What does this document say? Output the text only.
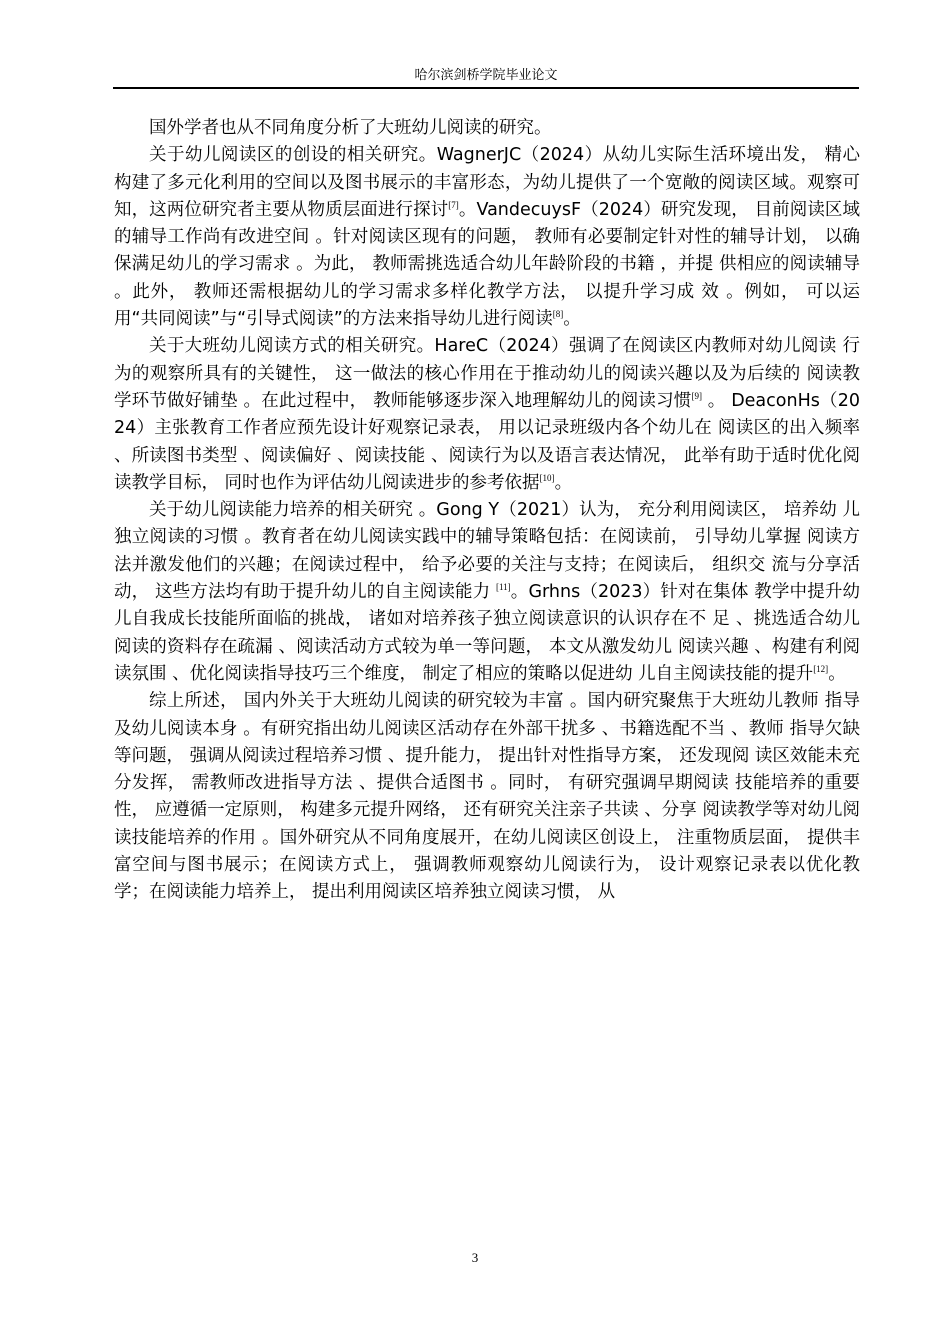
哈尔滨剑桥学院毕业论文

国外学者也从不同角度分析了大班幼儿阅读的研究。

关于幼儿阅读区的创设的相关研究。WagnerJC（2024）从幼儿实际生活环境出发， 精心构建了多元化利用的空间以及图书展示的丰富形态，为幼儿提供了一个宽敞的阅读区域。观察可知，这两位研究者主要从物质层面进行探讨[7]。VandecuysF（2024）研究发现， 目前阅读区域的辅导工作尚有改进空间 。针对阅读区现有的问题， 教师有必要制定针对性的辅导计划， 以确保满足幼儿的学习需求 。为此， 教师需挑选适合幼儿年龄阶段的书籍 ，并提 供相应的阅读辅导 。此外， 教师还需根据幼儿的学习需求多样化教学方法， 以提升学习成 效 。例如， 可以运用“共同阅读”与“引导式阅读”的方法来指导幼儿进行阅读[8]。

关于大班幼儿阅读方式的相关研究。HareC（2024）强调了在阅读区内教师对幼儿阅读 行为的观察所具有的关键性， 这一做法的核心作用在于推动幼儿的阅读兴趣以及为后续的 阅读教学环节做好铺垫 。在此过程中， 教师能够逐步深入地理解幼儿的阅读习惯[9] 。 DeaconHs（2024）主张教育工作者应预先设计好观察记录表， 用以记录班级内各个幼儿在 阅读区的出入频率 、所读图书类型 、阅读偏好 、阅读技能 、阅读行为以及语言表达情况， 此举有助于适时优化阅读教学目标， 同时也作为评估幼儿阅读进步的参考依据[10]。

关于幼儿阅读能力培养的相关研究 。Gong Y（2021）认为， 充分利用阅读区， 培养幼 儿独立阅读的习惯 。教育者在幼儿阅读实践中的辅导策略包括：在阅读前， 引导幼儿掌握 阅读方法并激发他们的兴趣；在阅读过程中， 给予必要的关注与支持；在阅读后， 组织交 流与分享活动， 这些方法均有助于提升幼儿的自主阅读能力 [11]。Grhns（2023）针对在集体 教学中提升幼儿自我成长技能所面临的挑战， 诸如对培养孩子独立阅读意识的认识存在不 足 、挑选适合幼儿阅读的资料存在疏漏 、阅读活动方式较为单一等问题， 本文从激发幼儿 阅读兴趣 、构建有利阅读氛围 、优化阅读指导技巧三个维度， 制定了相应的策略以促进幼 儿自主阅读技能的提升[12]。

综上所述， 国内外关于大班幼儿阅读的研究较为丰富 。国内研究聚焦于大班幼儿教师 指导及幼儿阅读本身 。有研究指出幼儿阅读区活动存在外部干扰多 、书籍选配不当 、教师 指导欠缺等问题， 强调从阅读过程培养习惯 、提升能力， 提出针对性指导方案， 还发现阅 读区效能未充分发挥， 需教师改进指导方法 、提供合适图书 。同时， 有研究强调早期阅读 技能培养的重要性， 应遵循一定原则， 构建多元提升网络， 还有研究关注亲子共读 、分享 阅读教学等对幼儿阅读技能培养的作用 。国外研究从不同角度展开，在幼儿阅读区创设上， 注重物质层面， 提供丰富空间与图书展示；在阅读方式上， 强调教师观察幼儿阅读行为， 设计观察记录表以优化教学；在阅读能力培养上， 提出利用阅读区培养独立阅读习惯， 从

3
